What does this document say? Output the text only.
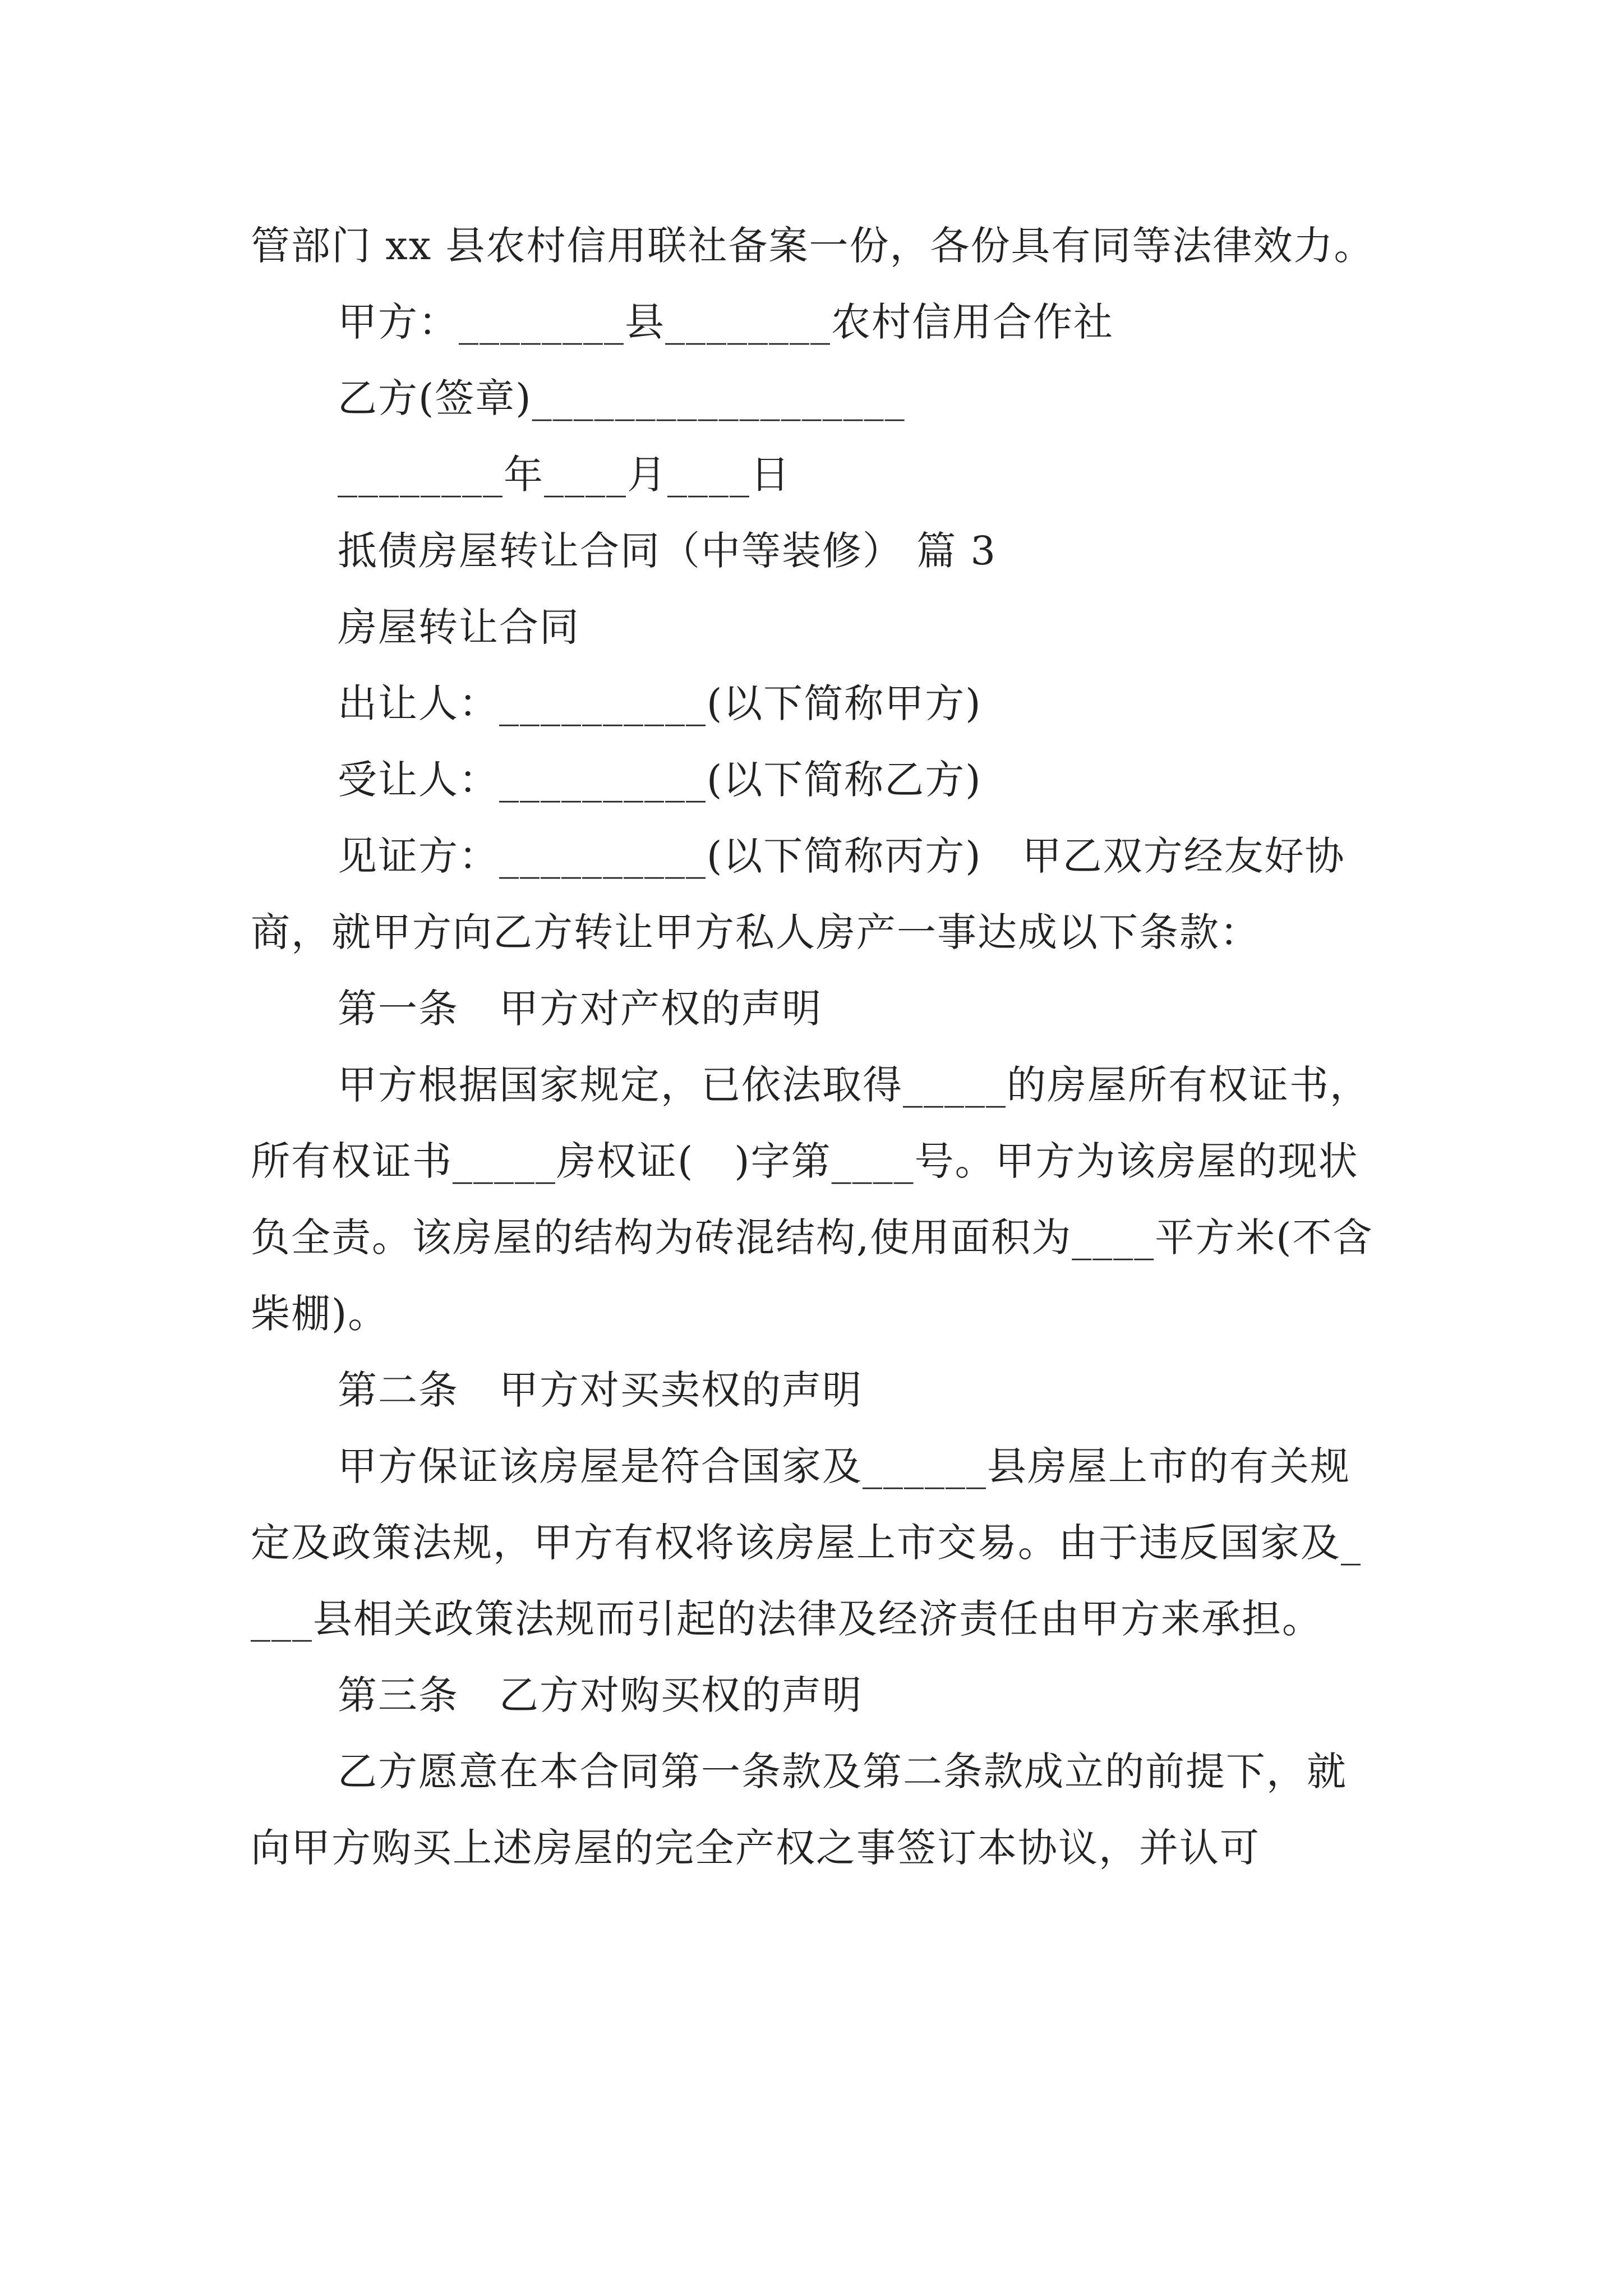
管部门 xx 县农村信用联社备案一份，各份具有同等法律效力。

甲方：________县________农村信用合作社

乙方(签章)__________________

________年____月____日

抵债房屋转让合同（中等装修） 篇 3

房屋转让合同

出让人：__________(以下简称甲方)

受让人：__________(以下简称乙方)

见证方：__________(以下简称丙方)　甲乙双方经友好协商，就甲方向乙方转让甲方私人房产一事达成以下条款：

第一条　甲方对产权的声明

甲方根据国家规定，已依法取得_____的房屋所有权证书，所有权证书_____房权证(　)字第____号。甲方为该房屋的现状负全责。该房屋的结构为砖混结构,使用面积为____平方米(不含柴棚)。

第二条　甲方对买卖权的声明

甲方保证该房屋是符合国家及______县房屋上市的有关规定及政策法规，甲方有权将该房屋上市交易。由于违反国家及____县相关政策法规而引起的法律及经济责任由甲方来承担。

第三条　乙方对购买权的声明

乙方愿意在本合同第一条款及第二条款成立的前提下，就向甲方购买上述房屋的完全产权之事签订本协议，并认可
